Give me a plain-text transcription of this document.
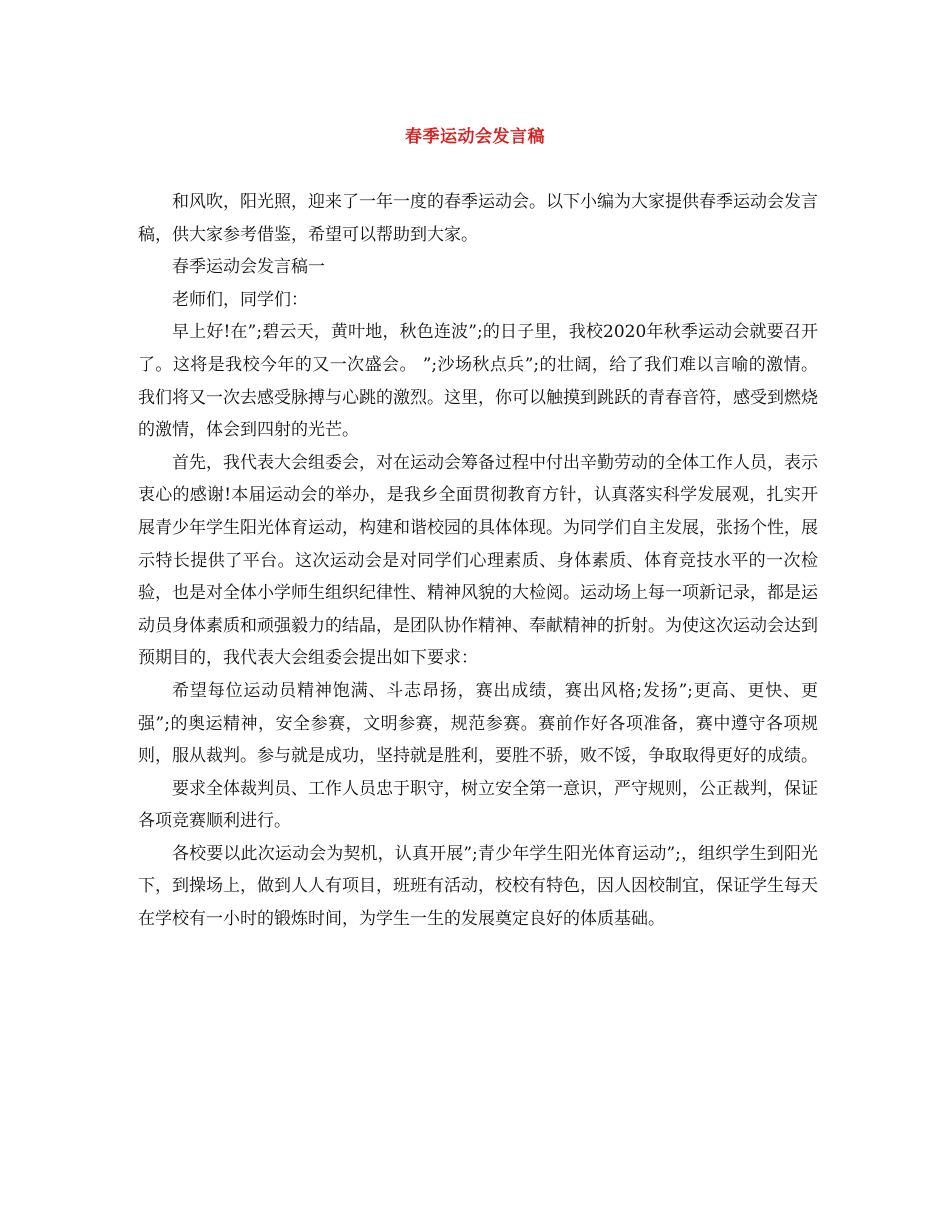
春季运动会发言稿

和风吹，阳光照，迎来了一年一度的春季运动会。以下小编为大家提供春季运动会发言稿，供大家参考借鉴，希望可以帮助到大家。

春季运动会发言稿一

老师们，同学们：

早上好!在”;碧云天，黄叶地，秋色连波”;的日子里，我校2020年秋季运动会就要召开了。这将是我校今年的又一次盛会。 ”;沙场秋点兵”;的壮阔，给了我们难以言喻的激情。我们将又一次去感受脉搏与心跳的激烈。这里，你可以触摸到跳跃的青春音符，感受到燃烧的激情，体会到四射的光芒。

首先，我代表大会组委会，对在运动会筹备过程中付出辛勤劳动的全体工作人员，表示衷心的感谢!本届运动会的举办，是我乡全面贯彻教育方针，认真落实科学发展观，扎实开展青少年学生阳光体育运动，构建和谐校园的具体体现。为同学们自主发展，张扬个性，展示特长提供了平台。这次运动会是对同学们心理素质、身体素质、体育竞技水平的一次检验，也是对全体小学师生组织纪律性、精神风貌的大检阅。运动场上每一项新记录，都是运动员身体素质和顽强毅力的结晶，是团队协作精神、奉献精神的折射。为使这次运动会达到预期目的，我代表大会组委会提出如下要求：

希望每位运动员精神饱满、斗志昂扬，赛出成绩，赛出风格;发扬”;更高、更快、更强”;的奥运精神，安全参赛，文明参赛，规范参赛。赛前作好各项准备，赛中遵守各项规则，服从裁判。参与就是成功，坚持就是胜利，要胜不骄，败不馁，争取取得更好的成绩。

要求全体裁判员、工作人员忠于职守，树立安全第一意识，严守规则，公正裁判，保证各项竞赛顺利进行。

各校要以此次运动会为契机，认真开展”;青少年学生阳光体育运动”;，组织学生到阳光下，到操场上，做到人人有项目，班班有活动，校校有特色，因人因校制宜，保证学生每天在学校有一小时的锻炼时间，为学生一生的发展奠定良好的体质基础。
